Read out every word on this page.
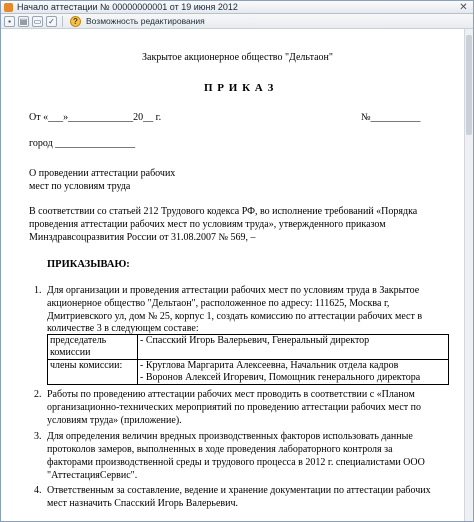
Начало аттестации № 00000000001 от 19 июня 2012	✕
▪	▤ ▭ ✓	? Возможность редактирования
Закрытое акционерное общество "Дельтаон"
П Р И К А З
От «___»_____________20__ г.	№__________
город ________________
О проведении аттестации рабочих
мест по условиям труда
В соответствии со статьей 212 Трудового кодекса РФ, во исполнение требований «Порядка
проведения аттестации рабочих мест по условиям труда», утвержденного приказом
Минздравсоцразвития России от 31.08.2007 № 569, –
ПРИКАЗЫВАЮ:
1. Для организации и проведения аттестации рабочих мест по условиям труда в Закрытое
акционерное общество "Дельтаон", расположенное по адресу: 111625, Москва г,
Дмитриевского ул, дом № 25, корпус 1, создать комиссию по аттестации рабочих мест в
количестве 3 в следующем составе:
председатель
комиссии	- Спасский Игорь Валерьевич, Генеральный директор
члены комиссии:	- Круглова Маргарита Алексеевна, Начальник отдела кадров
- Воронов Алексей Игоревич, Помощник генерального директора
2. Работы по проведению аттестации рабочих мест проводить в соответствии с «Планом
организационно-технических мероприятий по проведению аттестации рабочих мест по
условиям труда» (приложение).
3. Для определения величин вредных производственных факторов использовать данные
протоколов замеров, выполненных в ходе проведения лабораторного контроля за
факторами производственной среды и трудового процесса в 2012 г. специалистами ООО
"АттестацияСервис".
4. Ответственным за составление, ведение и хранение документации по аттестации рабочих
мест назначить Спасский Игорь Валерьевич.
